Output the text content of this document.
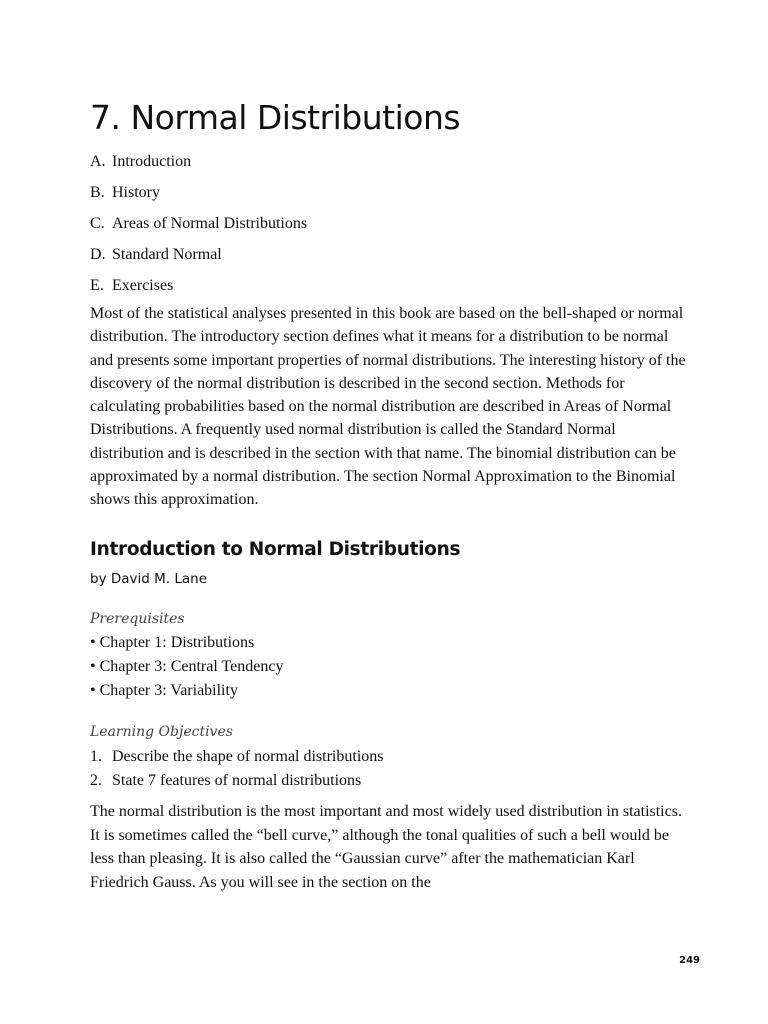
7. Normal Distributions
A. Introduction
B. History
C. Areas of Normal Distributions
D. Standard Normal
E. Exercises

Most of the statistical analyses presented in this book are based on the bell-shaped or normal distribution. The introductory section defines what it means for a distribution to be normal and presents some important properties of normal distributions. The interesting history of the discovery of the normal distribution is described in the second section. Methods for calculating probabilities based on the normal distribution are described in Areas of Normal Distributions. A frequently used normal distribution is called the Standard Normal distribution and is described in the section with that name. The binomial distribution can be approximated by a normal distribution. The section Normal Approximation to the Binomial shows this approximation.

Introduction to Normal Distributions

by David M. Lane

Prerequisites

• Chapter 1: Distributions
• Chapter 3: Central Tendency
• Chapter 3: Variability

Learning Objectives

1. Describe the shape of normal distributions
2. State 7 features of normal distributions

The normal distribution is the most important and most widely used distribution in statistics. It is sometimes called the “bell curve,” although the tonal qualities of such a bell would be less than pleasing. It is also called the “Gaussian curve” after the mathematician Karl Friedrich Gauss. As you will see in the section on the

249
